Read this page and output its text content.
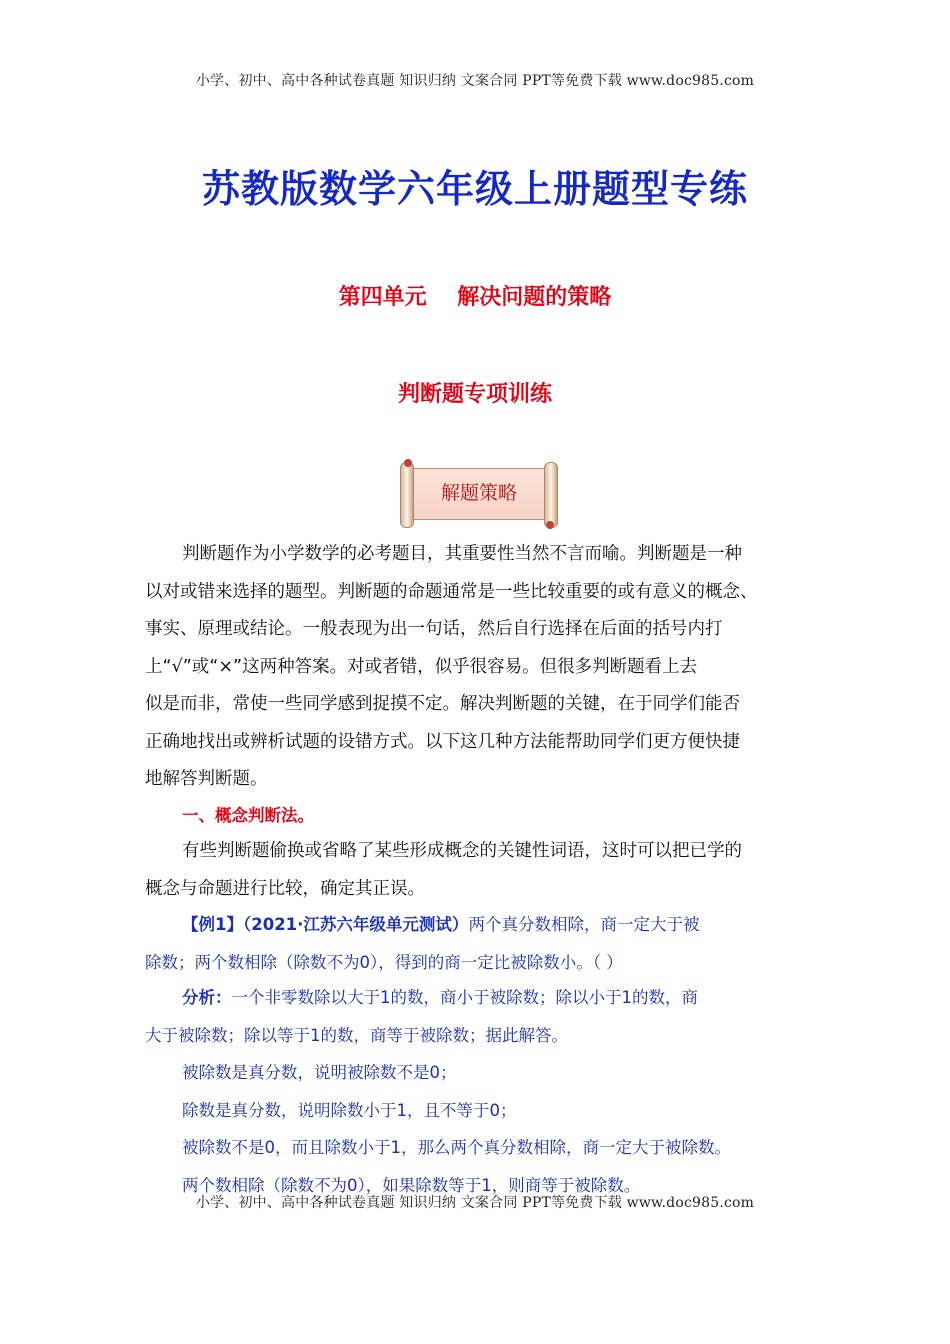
小学、初中、高中各种试卷真题 知识归纳 文案合同 PPT等免费下载 www.doc985.com
苏教版数学六年级上册题型专练
第四单元    解决问题的策略
判断题专项训练
解题策略
判断题作为小学数学的必考题目，其重要性当然不言而喻。判断题是一种
以对或错来选择的题型。判断题的命题通常是一些比较重要的或有意义的概念、
事实、原理或结论。一般表现为出一句话，然后自行选择在后面的括号内打
上“√”或“×”这两种答案。对或者错，似乎很容易。但很多判断题看上去
似是而非，常使一些同学感到捉摸不定。解决判断题的关键，在于同学们能否
正确地找出或辨析试题的设错方式。以下这几种方法能帮助同学们更方便快捷
地解答判断题。
一、概念判断法。
有些判断题偷换或省略了某些形成概念的关键性词语，这时可以把已学的
概念与命题进行比较，确定其正误。
【例1】（2021·江苏六年级单元测试）两个真分数相除，商一定大于被
除数；两个数相除（除数不为0），得到的商一定比被除数小。（ ）
分析：一个非零数除以大于1的数，商小于被除数；除以小于1的数，商
大于被除数；除以等于1的数，商等于被除数；据此解答。
被除数是真分数，说明被除数不是0；
除数是真分数，说明除数小于1，且不等于0；
被除数不是0，而且除数小于1，那么两个真分数相除，商一定大于被除数。
两个数相除（除数不为0），如果除数等于1，则商等于被除数。
小学、初中、高中各种试卷真题 知识归纳 文案合同 PPT等免费下载 www.doc985.com
